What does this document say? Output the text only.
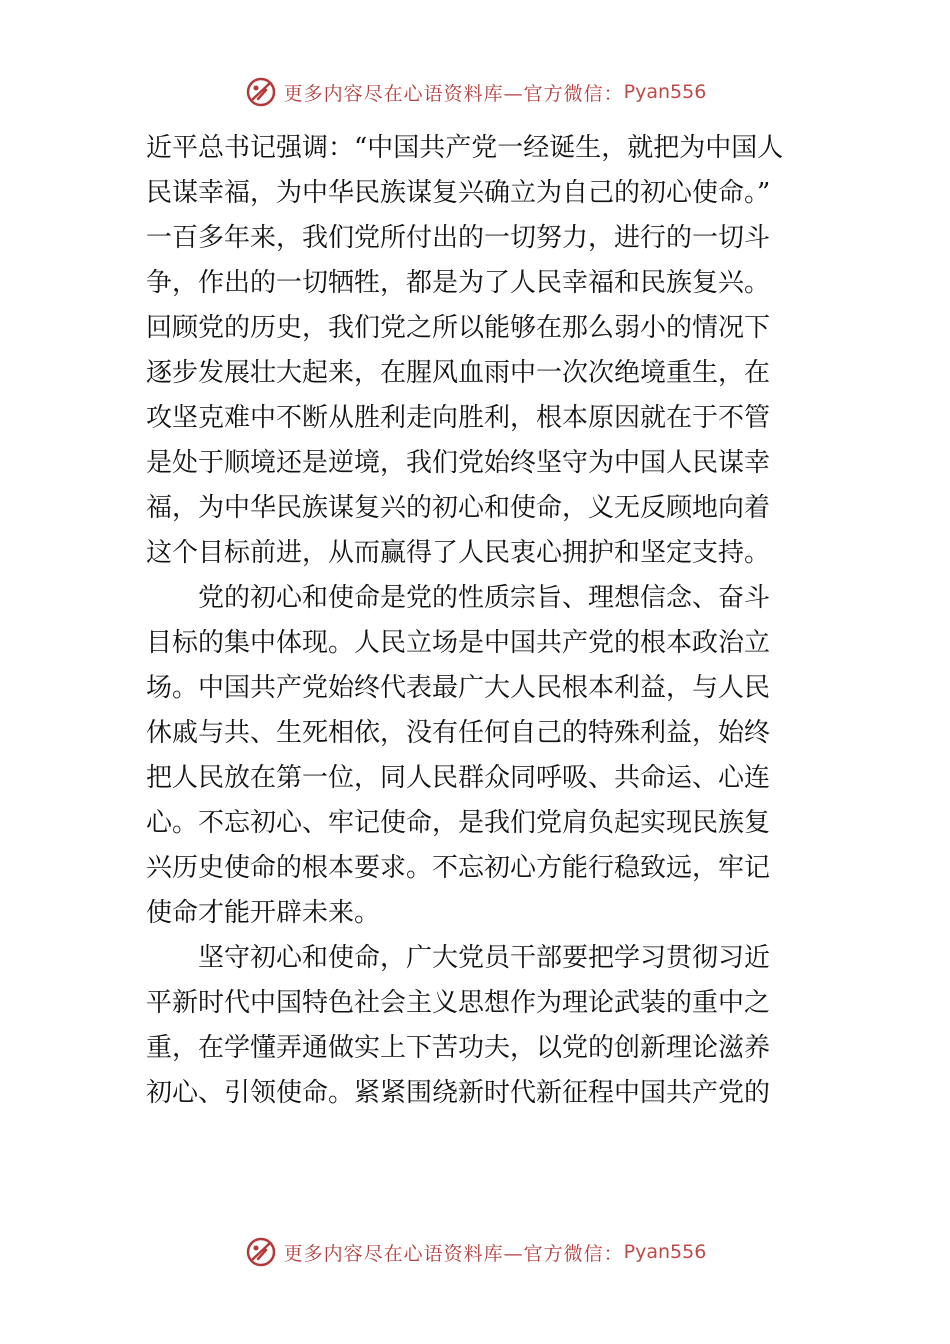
更多内容尽在心语资料库—官方微信： Pyan556
近平总书记强调：“中国共产党一经诞生，就把为中国人
民谋幸福，为中华民族谋复兴确立为自己的初心使命。”
一百多年来，我们党所付出的一切努力，进行的一切斗
争，作出的一切牺牲，都是为了人民幸福和民族复兴。
回顾党的历史，我们党之所以能够在那么弱小的情况下
逐步发展壮大起来，在腥风血雨中一次次绝境重生，在
攻坚克难中不断从胜利走向胜利，根本原因就在于不管
是处于顺境还是逆境，我们党始终坚守为中国人民谋幸
福，为中华民族谋复兴的初心和使命，义无反顾地向着
这个目标前进，从而赢得了人民衷心拥护和坚定支持。
　　党的初心和使命是党的性质宗旨、理想信念、奋斗
目标的集中体现。人民立场是中国共产党的根本政治立
场。中国共产党始终代表最广大人民根本利益，与人民
休戚与共、生死相依，没有任何自己的特殊利益，始终
把人民放在第一位，同人民群众同呼吸、共命运、心连
心。不忘初心、牢记使命，是我们党肩负起实现民族复
兴历史使命的根本要求。不忘初心方能行稳致远，牢记
使命才能开辟未来。
　　坚守初心和使命，广大党员干部要把学习贯彻习近
平新时代中国特色社会主义思想作为理论武装的重中之
重，在学懂弄通做实上下苦功夫，以党的创新理论滋养
初心、引领使命。紧紧围绕新时代新征程中国共产党的
更多内容尽在心语资料库—官方微信： Pyan556
